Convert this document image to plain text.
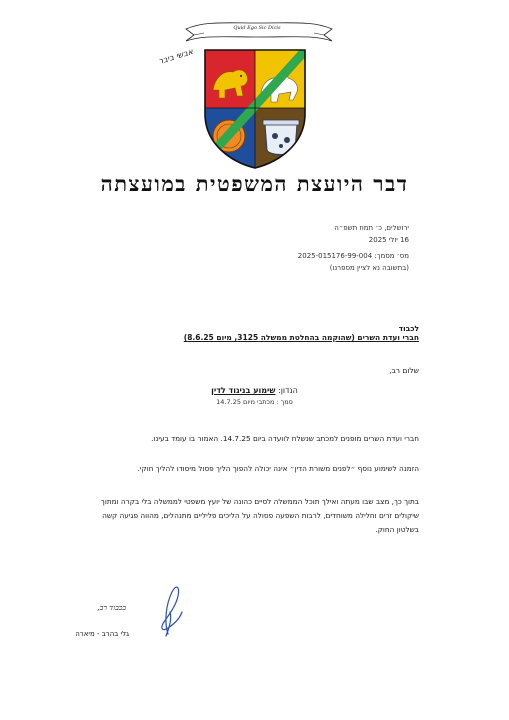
Quid Ego Sic Dicis
אבשי ביבר
דבר היועצת המשפטית במועצתה
ירושלים, כ׳ תמוז תשפ״ה
16 יולי 2025
מס׳ מסמך: 2025-015176-99-004
(בתשובה נא לציין מספרנו)
לכבוד
חברי ועדת השרים (שהוקמה בהחלטת ממשלה 3125, מיום 8.6.25)
שלום רב,
הנדון: שימוע בניגוד לדין
סמך : מכתבי מיום 14.7.25
חברי ועדת השרים מופנים למכתב שנשלח לוועדה ביום 14.7.25. האמור בו עומד בעינו.
הזמנה לשימוע נוסף ״לפנים משורת הדין״ אינה יכולה להפוך הליך פסול מיסודו להליך חוקי.
בתוך כך, מצב שבו מעתה ואילך תוכל הממשלה לסיים כהונה של יועץ משפטי לממשלה בלי בקרה ומתוך שיקולים זרים וחלילה משוחדים, לרבות השפעה פסולה על הליכים פליליים מתנהלים, מהווה פגיעה קשה בשלטון החוק.
בכבוד רב,
גלי בהרב - מיארה
